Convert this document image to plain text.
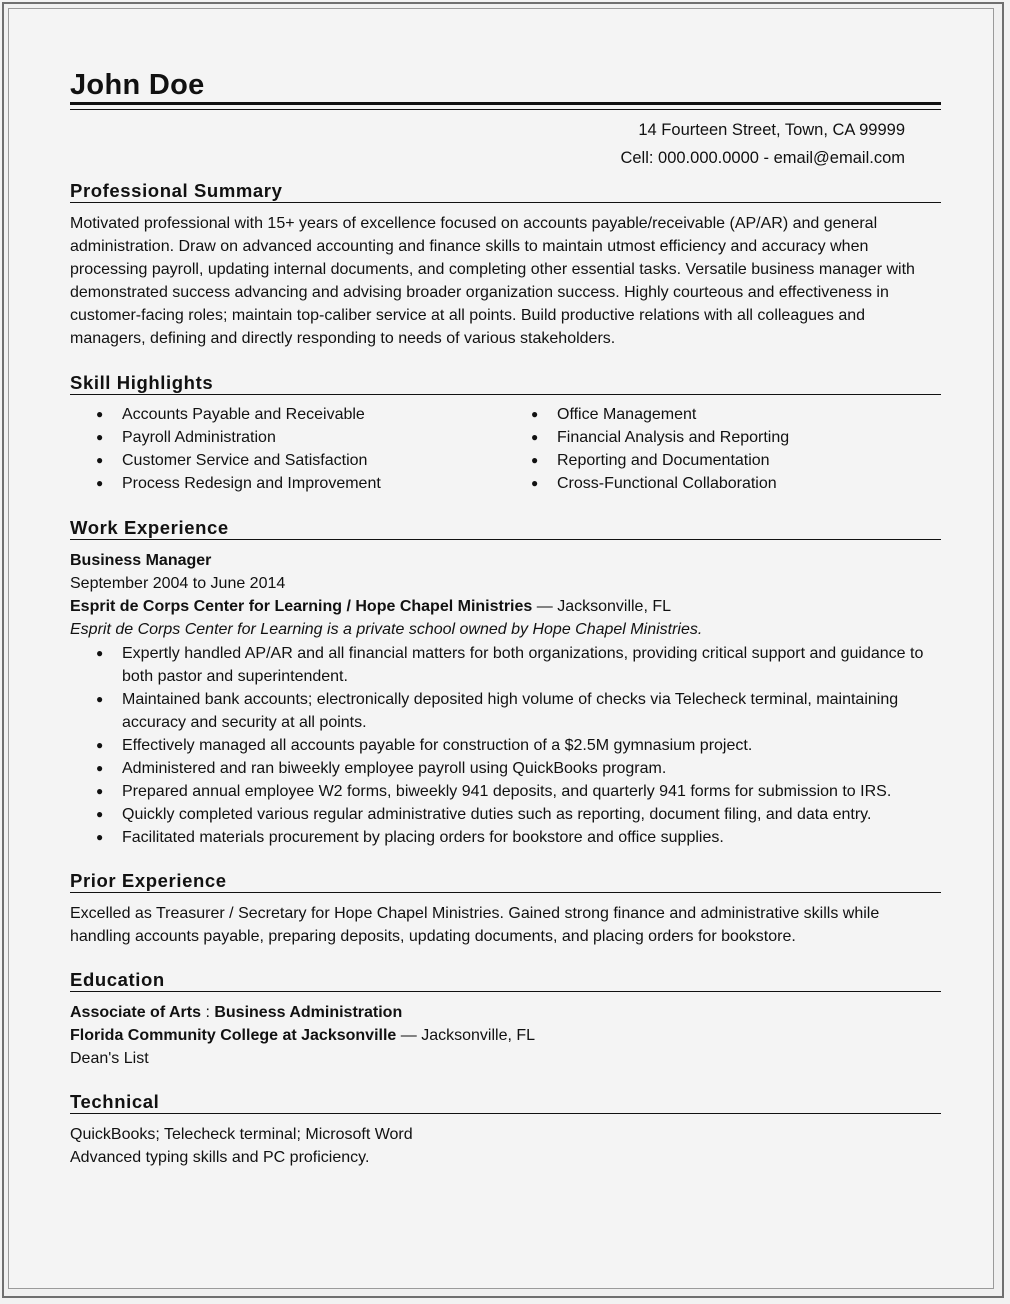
John Doe
14 Fourteen Street, Town, CA 99999
Cell: 000.000.0000 - email@email.com
Professional Summary
Motivated professional with 15+ years of excellence focused on accounts payable/receivable (AP/AR) and general administration. Draw on advanced accounting and finance skills to maintain utmost efficiency and accuracy when processing payroll, updating internal documents, and completing other essential tasks. Versatile business manager with demonstrated success advancing and advising broader organization success. Highly courteous and effectiveness in customer-facing roles; maintain top-caliber service at all points. Build productive relations with all colleagues and managers, defining and directly responding to needs of various stakeholders.
Skill Highlights
● Accounts Payable and Receivable
● Payroll Administration
● Customer Service and Satisfaction
● Process Redesign and Improvement
● Office Management
● Financial Analysis and Reporting
● Reporting and Documentation
● Cross-Functional Collaboration
Work Experience
Business Manager
September 2004 to June 2014
Esprit de Corps Center for Learning / Hope Chapel Ministries — Jacksonville, FL
Esprit de Corps Center for Learning is a private school owned by Hope Chapel Ministries.
● Expertly handled AP/AR and all financial matters for both organizations, providing critical support and guidance to both pastor and superintendent.
● Maintained bank accounts; electronically deposited high volume of checks via Telecheck terminal, maintaining accuracy and security at all points.
● Effectively managed all accounts payable for construction of a $2.5M gymnasium project.
● Administered and ran biweekly employee payroll using QuickBooks program.
● Prepared annual employee W2 forms, biweekly 941 deposits, and quarterly 941 forms for submission to IRS.
● Quickly completed various regular administrative duties such as reporting, document filing, and data entry.
● Facilitated materials procurement by placing orders for bookstore and office supplies.
Prior Experience
Excelled as Treasurer / Secretary for Hope Chapel Ministries. Gained strong finance and administrative skills while handling accounts payable, preparing deposits, updating documents, and placing orders for bookstore.
Education
Associate of Arts : Business Administration
Florida Community College at Jacksonville — Jacksonville, FL
Dean's List
Technical
QuickBooks; Telecheck terminal; Microsoft Word
Advanced typing skills and PC proficiency.
